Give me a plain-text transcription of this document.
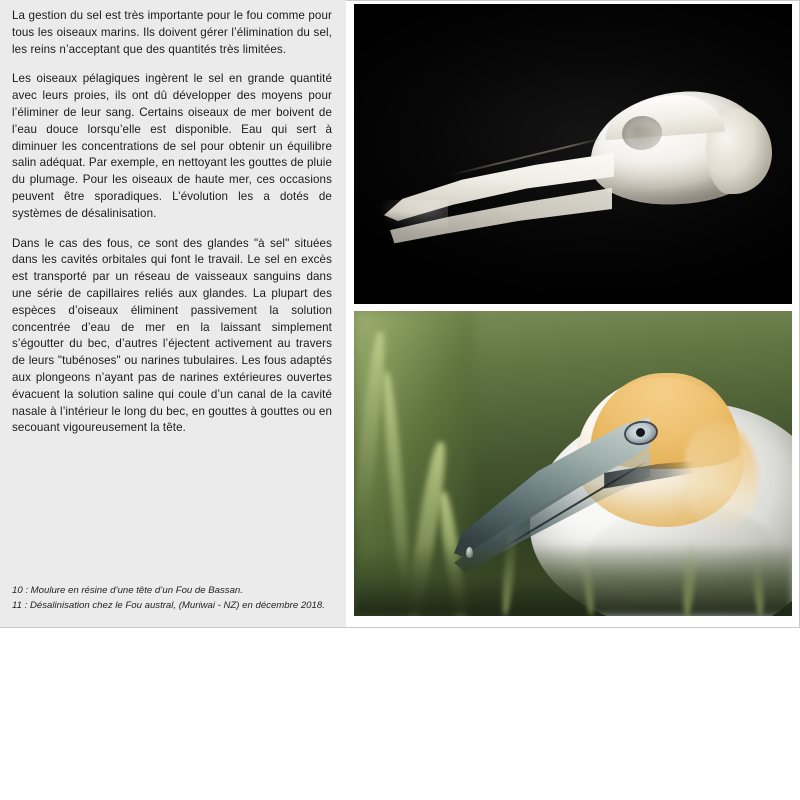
La gestion du sel est très importante pour le fou comme pour tous les oiseaux marins. Ils doivent gérer l’élimination du sel, les reins n’acceptant que des quantités très limitées.

Les oiseaux pélagiques ingèrent le sel en grande quantité avec leurs proies, ils ont dû développer des moyens pour l’éliminer de leur sang. Certains oiseaux de mer boivent de l’eau douce lorsqu’elle est disponible. Eau qui sert à diminuer les concentrations de sel pour obtenir un équilibre salin adéquat. Par exemple, en nettoyant les gouttes de pluie du plumage. Pour les oiseaux de haute mer, ces occasions peuvent être sporadiques. L’évolution les a dotés de systèmes de désalinisation.

Dans le cas des fous, ce sont des glandes "à sel" situées dans les cavités orbitales qui font le travail. Le sel en excès est transporté par un réseau de vaisseaux sanguins dans une série de capillaires reliés aux glandes. La plupart des espèces d’oiseaux éliminent passivement la solution concentrée d’eau de mer en la laissant simplement s’égoutter du bec, d’autres l’éjectent activement au travers de leurs "tubénoses" ou narines tubulaires. Les fous adaptés aux plongeons n’ayant pas de narines extérieures ouvertes évacuent la solution saline qui coule d’un canal de la cavité nasale à l’intérieur le long du bec, en gouttes à gouttes ou en secouant vigoureusement la tête.

10 : Moulure en résine d’une tête d’un Fou de Bassan.

11 : Désalinisation chez le Fou austral, (Muriwai - NZ) en décembre 2018.
